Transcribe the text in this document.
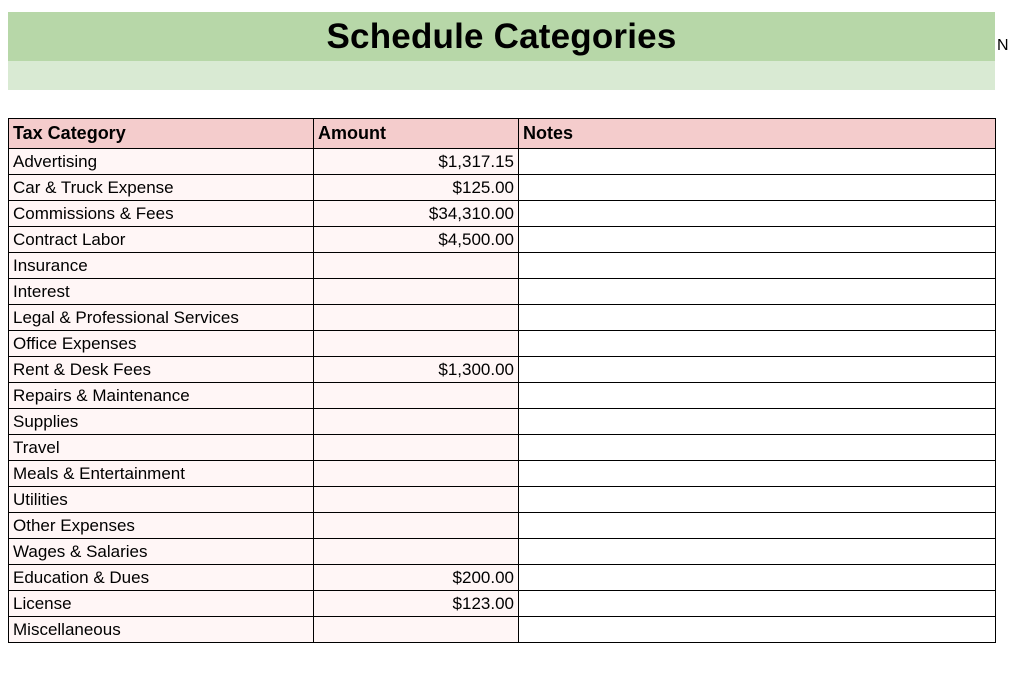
Schedule Categories	N
Tax Category	Amount	Notes
Advertising	$1,317.15	
Car & Truck Expense	$125.00	
Commissions & Fees	$34,310.00	
Contract Labor	$4,500.00	
Insurance		
Interest		
Legal & Professional Services		
Office Expenses		
Rent & Desk Fees	$1,300.00	
Repairs & Maintenance		
Supplies		
Travel		
Meals & Entertainment		
Utilities		
Other Expenses		
Wages & Salaries		
Education & Dues	$200.00	
License	$123.00	
Miscellaneous		
